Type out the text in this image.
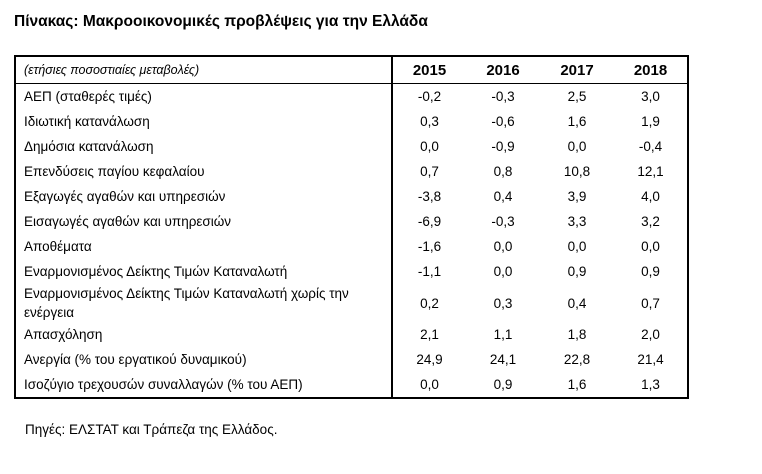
Πίνακας: Μακροοικονομικές προβλέψεις για την Ελλάδα
(ετήσιες ποσοστιαίες μεταβολές)	2015	2016	2017	2018
ΑΕΠ (σταθερές τιμές)	-0,2	-0,3	2,5	3,0
Ιδιωτική κατανάλωση	0,3	-0,6	1,6	1,9
Δημόσια κατανάλωση	0,0	-0,9	0,0	-0,4
Επενδύσεις παγίου κεφαλαίου	0,7	0,8	10,8	12,1
Εξαγωγές αγαθών και υπηρεσιών	-3,8	0,4	3,9	4,0
Εισαγωγές αγαθών και υπηρεσιών	-6,9	-0,3	3,3	3,2
Αποθέματα	-1,6	0,0	0,0	0,0
Εναρμονισμένος Δείκτης Τιμών Καταναλωτή	-1,1	0,0	0,9	0,9
Εναρμονισμένος Δείκτης Τιμών Καταναλωτή χωρίς την ενέργεια	0,2	0,3	0,4	0,7
Απασχόληση	2,1	1,1	1,8	2,0
Ανεργία (% του εργατικού δυναμικού)	24,9	24,1	22,8	21,4
Ισοζύγιο τρεχουσών συναλλαγών (% του ΑΕΠ)	0,0	0,9	1,6	1,3
Πηγές: ΕΛΣΤΑΤ και Τράπεζα της Ελλάδος.
